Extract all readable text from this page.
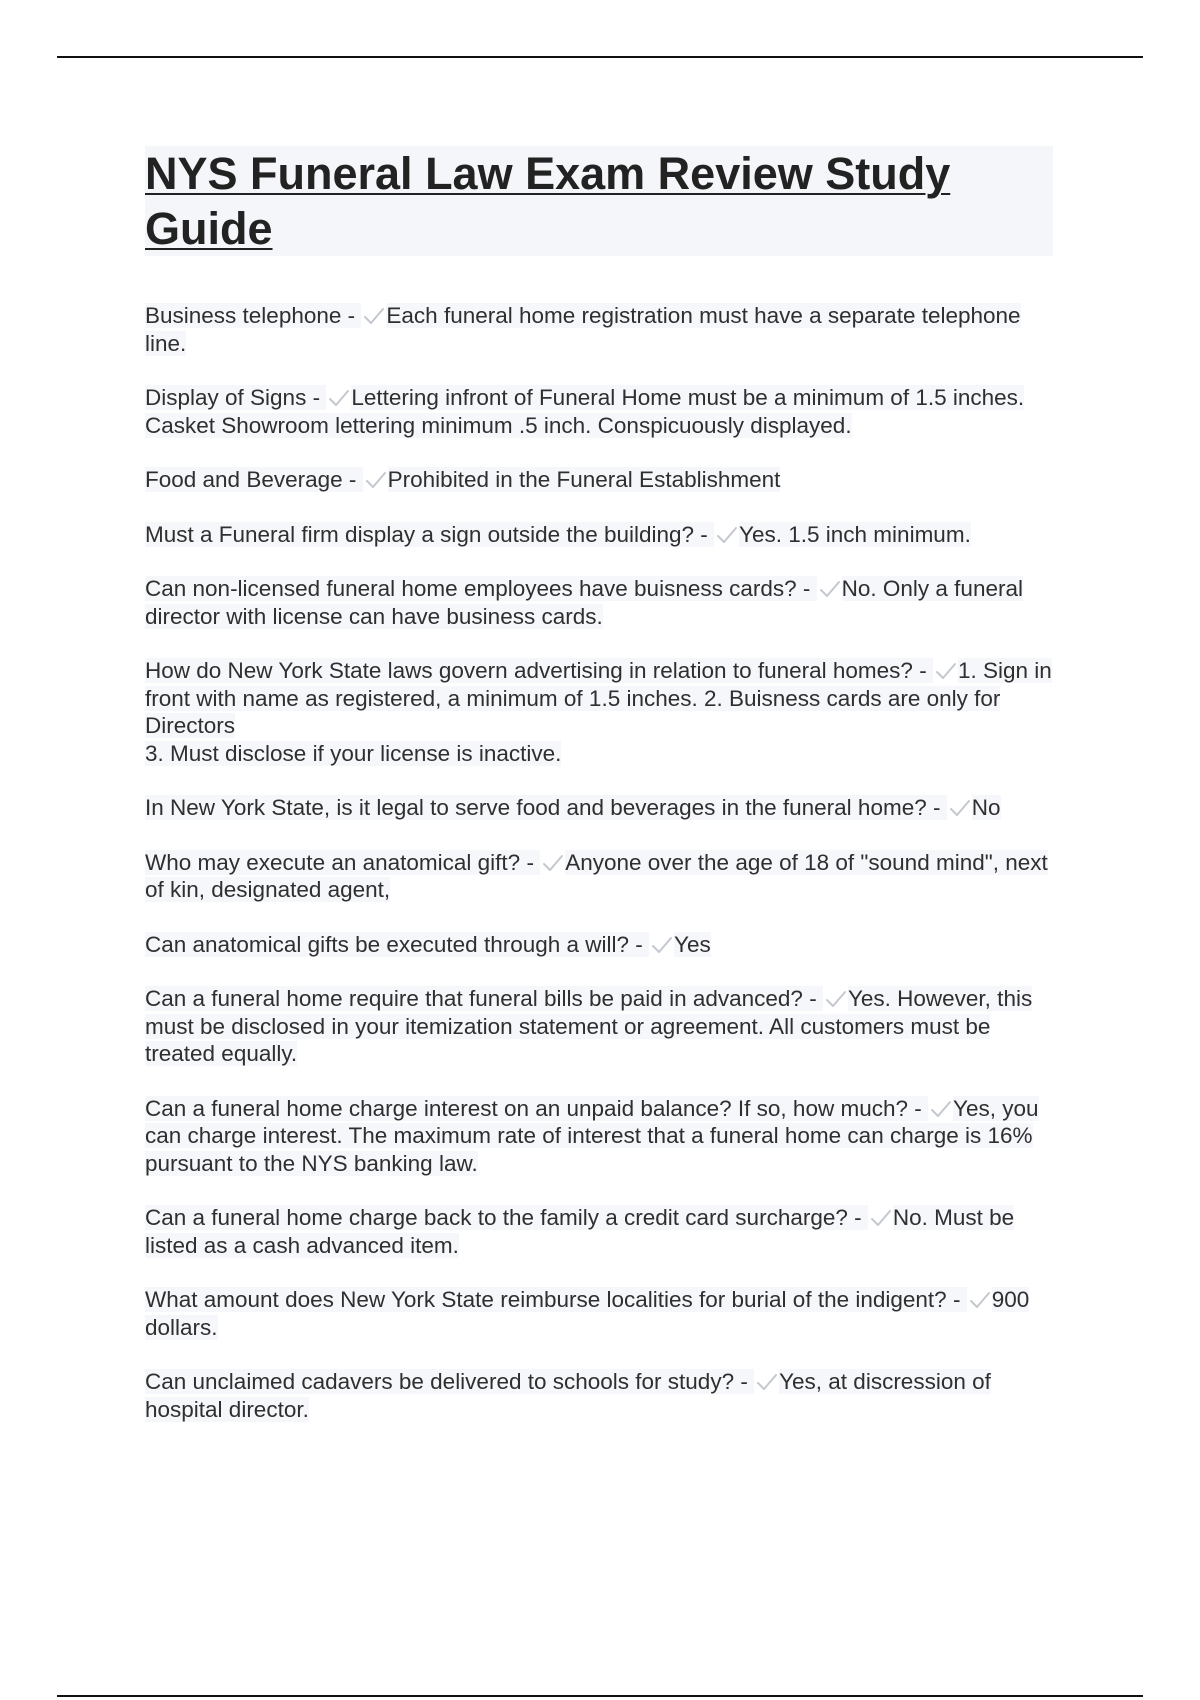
NYS Funeral Law Exam Review Study Guide
Business telephone -
Each funeral home registration must have a separate telephone line.
Display of Signs -
Lettering infront of Funeral Home must be a minimum of 1.5 inches.
Casket Showroom lettering minimum .5 inch. Conspicuously displayed.
Food and Beverage -
Prohibited in the Funeral Establishment
Must a Funeral firm display a sign outside the building? -
Yes. 1.5 inch minimum.
Can non-licensed funeral home employees have buisness cards? -
No. Only a funeral director with license can have business cards.
How do New York State laws govern advertising in relation to funeral homes? -
1. Sign in front with name as registered, a minimum of 1.5 inches. 2. Buisness cards are only for Directors
3. Must disclose if your license is inactive.
In New York State, is it legal to serve food and beverages in the funeral home? -
No
Who may execute an anatomical gift? -
Anyone over the age of 18 of "sound mind", next of kin, designated agent,
Can anatomical gifts be executed through a will? -
Yes
Can a funeral home require that funeral bills be paid in advanced? -
Yes. However, this must be disclosed in your itemization statement or agreement. All customers must be treated equally.
Can a funeral home charge interest on an unpaid balance? If so, how much? -
Yes, you can charge interest. The maximum rate of interest that a funeral home can charge is 16% pursuant to the NYS banking law.
Can a funeral home charge back to the family a credit card surcharge? -
No. Must be listed as a cash advanced item.
What amount does New York State reimburse localities for burial of the indigent? -
900 dollars.
Can unclaimed cadavers be delivered to schools for study? -
Yes, at discression of hospital director.
